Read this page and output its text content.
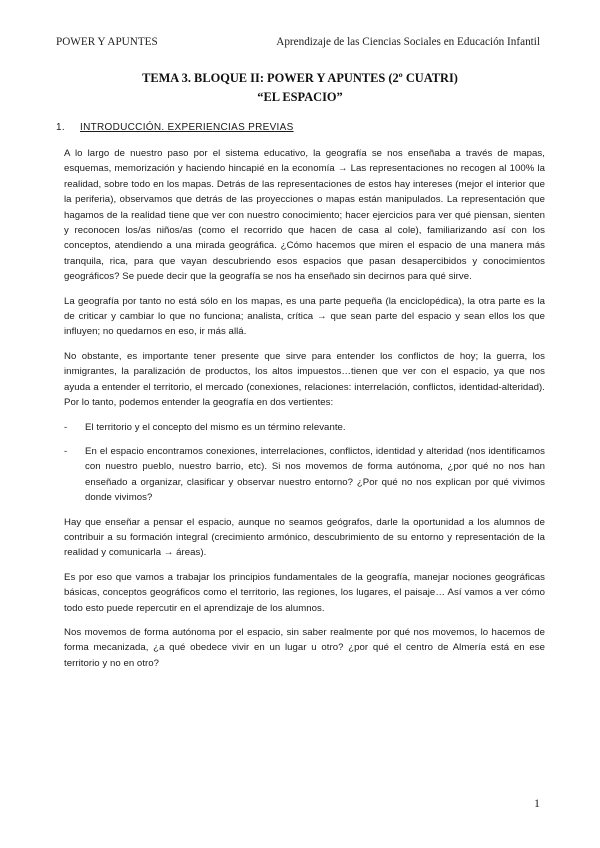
POWER Y APUNTES	Aprendizaje de las Ciencias Sociales en Educación Infantil
TEMA 3. BLOQUE II: POWER Y APUNTES (2º CUATRI)
“EL ESPACIO”
1. INTRODUCCIÓN. EXPERIENCIAS PREVIAS

A lo largo de nuestro paso por el sistema educativo, la geografía se nos enseñaba a través de mapas, esquemas, memorización y haciendo hincapié en la economía → Las representaciones no recogen al 100% la realidad, sobre todo en los mapas. Detrás de las representaciones de estos hay intereses (mejor el interior que la periferia), observamos que detrás de las proyecciones o mapas están manipulados. La representación que hagamos de la realidad tiene que ver con nuestro conocimiento; hacer ejercicios para ver qué piensan, sienten y reconocen los/as niños/as (como el recorrido que hacen de casa al cole), familiarizando así con los conceptos, atendiendo a una mirada geográfica. ¿Cómo hacemos que miren el espacio de una manera más tranquila, rica, para que vayan descubriendo esos espacios que pasan desapercibidos y conocimientos geográficos? Se puede decir que la geografía se nos ha enseñado sin decirnos para qué sirve.

La geografía por tanto no está sólo en los mapas, es una parte pequeña (la enciclopédica), la otra parte es la de criticar y cambiar lo que no funciona; analista, crítica → que sean parte del espacio y sean ellos los que influyen; no quedarnos en eso, ir más allá.

No obstante, es importante tener presente que sirve para entender los conflictos de hoy; la guerra, los inmigrantes, la paralización de productos, los altos impuestos…tienen que ver con el espacio, ya que nos ayuda a entender el territorio, el mercado (conexiones, relaciones: interrelación, conflictos, identidad-alteridad). Por lo tanto, podemos entender la geografía en dos vertientes:

- El territorio y el concepto del mismo es un término relevante.
- En el espacio encontramos conexiones, interrelaciones, conflictos, identidad y alteridad (nos identificamos con nuestro pueblo, nuestro barrio, etc). Si nos movemos de forma autónoma, ¿por qué no nos han enseñado a organizar, clasificar y observar nuestro entorno? ¿Por qué no nos explican por qué vivimos donde vivimos?

Hay que enseñar a pensar el espacio, aunque no seamos geógrafos, darle la oportunidad a los alumnos de contribuir a su formación integral (crecimiento armónico, descubrimiento de su entorno y representación de la realidad y comunicarla → áreas).

Es por eso que vamos a trabajar los principios fundamentales de la geografía, manejar nociones geográficas básicas, conceptos geográficos como el territorio, las regiones, los lugares, el paisaje… Así vamos a ver cómo todo esto puede repercutir en el aprendizaje de los alumnos.

Nos movemos de forma autónoma por el espacio, sin saber realmente por qué nos movemos, lo hacemos de forma mecanizada, ¿a qué obedece vivir en un lugar u otro? ¿por qué el centro de Almería está en ese territorio y no en otro?

1
